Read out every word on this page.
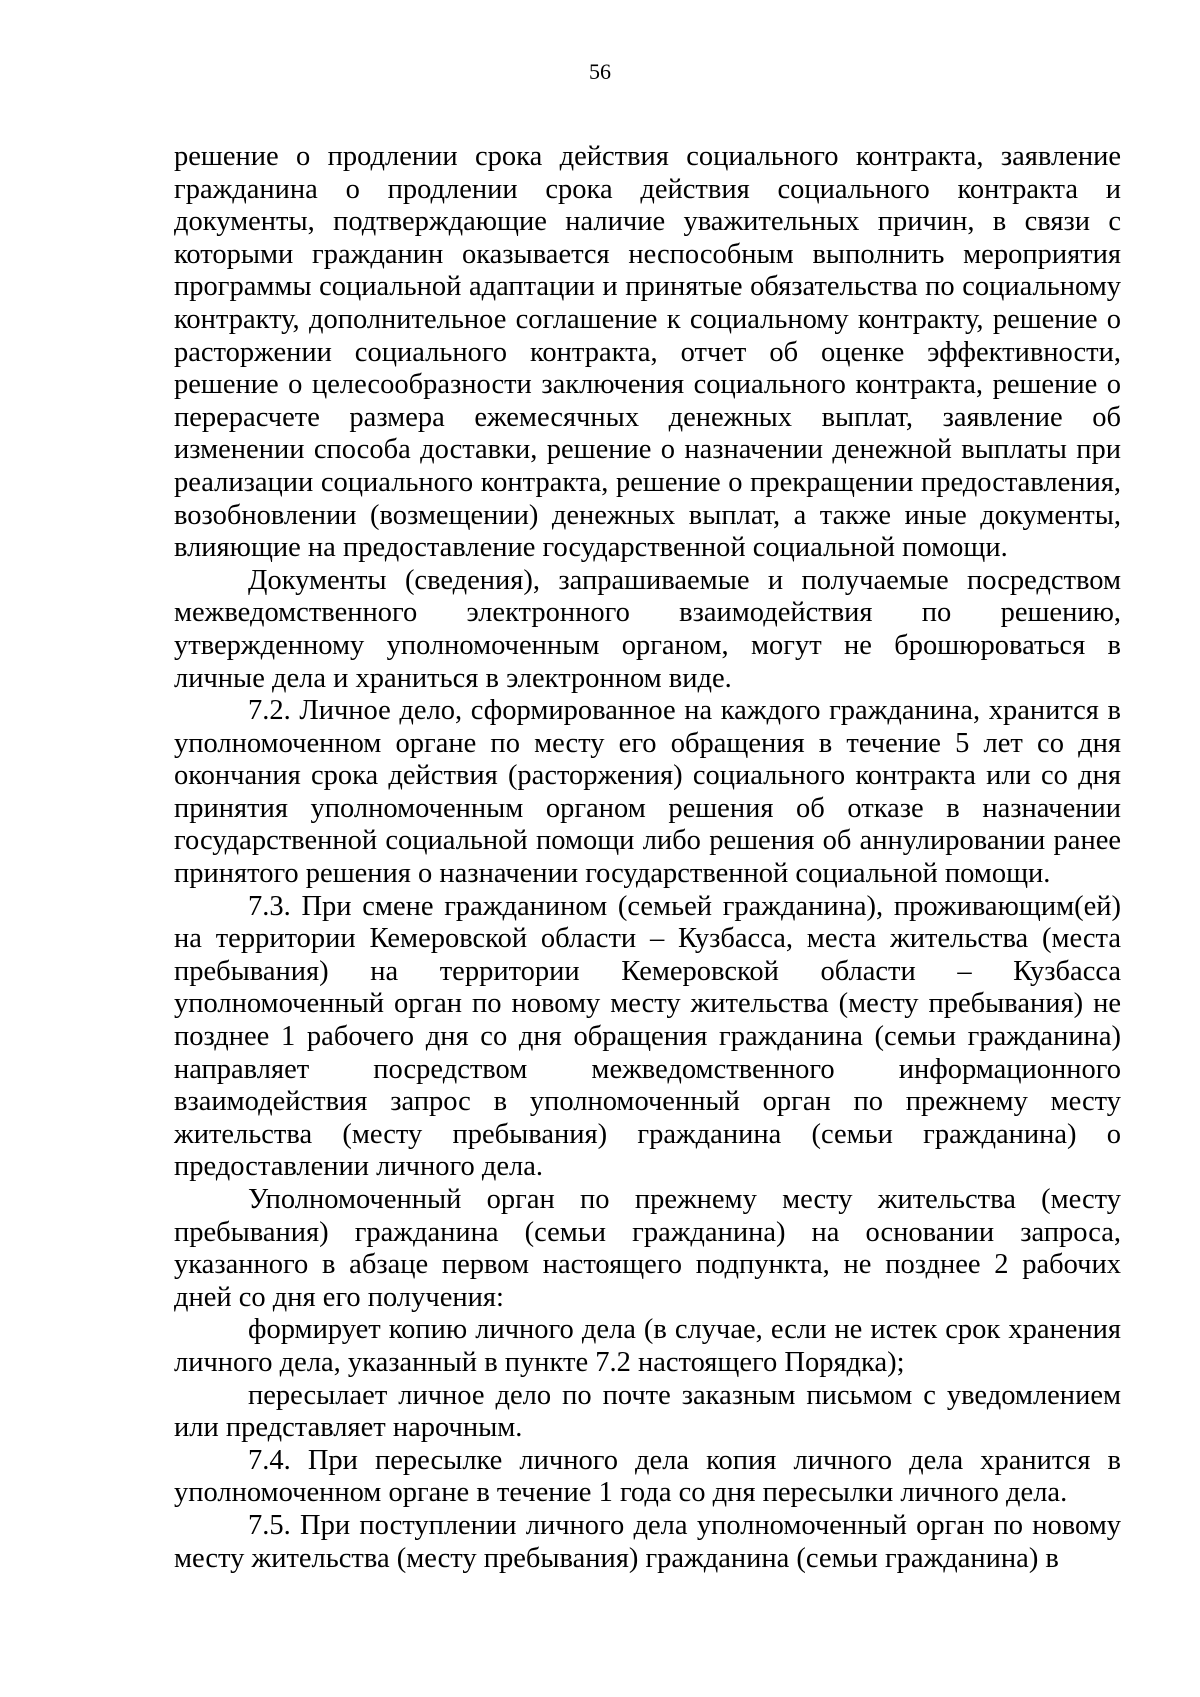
56

решение о продлении срока действия социального контракта, заявление гражданина о продлении срока действия социального контракта и документы, подтверждающие наличие уважительных причин, в связи с которыми гражданин оказывается неспособным выполнить мероприятия программы социальной адаптации и принятые обязательства по социальному контракту, дополнительное соглашение к социальному контракту, решение о расторжении социального контракта, отчет об оценке эффективности, решение о целесообразности заключения социального контракта, решение о перерасчете размера ежемесячных денежных выплат, заявление об изменении способа доставки, решение о назначении денежной выплаты при реализации социального контракта, решение о прекращении предоставления, возобновлении (возмещении) денежных выплат, а также иные документы, влияющие на предоставление государственной социальной помощи.

Документы (сведения), запрашиваемые и получаемые посредством межведомственного электронного взаимодействия по решению, утвержденному уполномоченным органом, могут не брошюроваться в личные дела и храниться в электронном виде.

7.2. Личное дело, сформированное на каждого гражданина, хранится в уполномоченном органе по месту его обращения в течение 5 лет со дня окончания срока действия (расторжения) социального контракта или со дня принятия уполномоченным органом решения об отказе в назначении государственной социальной помощи либо решения об аннулировании ранее принятого решения о назначении государственной социальной помощи.

7.3. При смене гражданином (семьей гражданина), проживающим(ей) на территории Кемеровской области – Кузбасса, места жительства (места пребывания) на территории Кемеровской области – Кузбасса уполномоченный орган по новому месту жительства (месту пребывания) не позднее 1 рабочего дня со дня обращения гражданина (семьи гражданина) направляет посредством межведомственного информационного взаимодействия запрос в уполномоченный орган по прежнему месту жительства (месту пребывания) гражданина (семьи гражданина) о предоставлении личного дела.

Уполномоченный орган по прежнему месту жительства (месту пребывания) гражданина (семьи гражданина) на основании запроса, указанного в абзаце первом настоящего подпункта, не позднее 2 рабочих дней со дня его получения:

формирует копию личного дела (в случае, если не истек срок хранения личного дела, указанный в пункте 7.2 настоящего Порядка);

пересылает личное дело по почте заказным письмом с уведомлением или представляет нарочным.

7.4. При пересылке личного дела копия личного дела хранится в уполномоченном органе в течение 1 года со дня пересылки личного дела.

7.5. При поступлении личного дела уполномоченный орган по новому месту жительства (месту пребывания) гражданина (семьи гражданина) в
